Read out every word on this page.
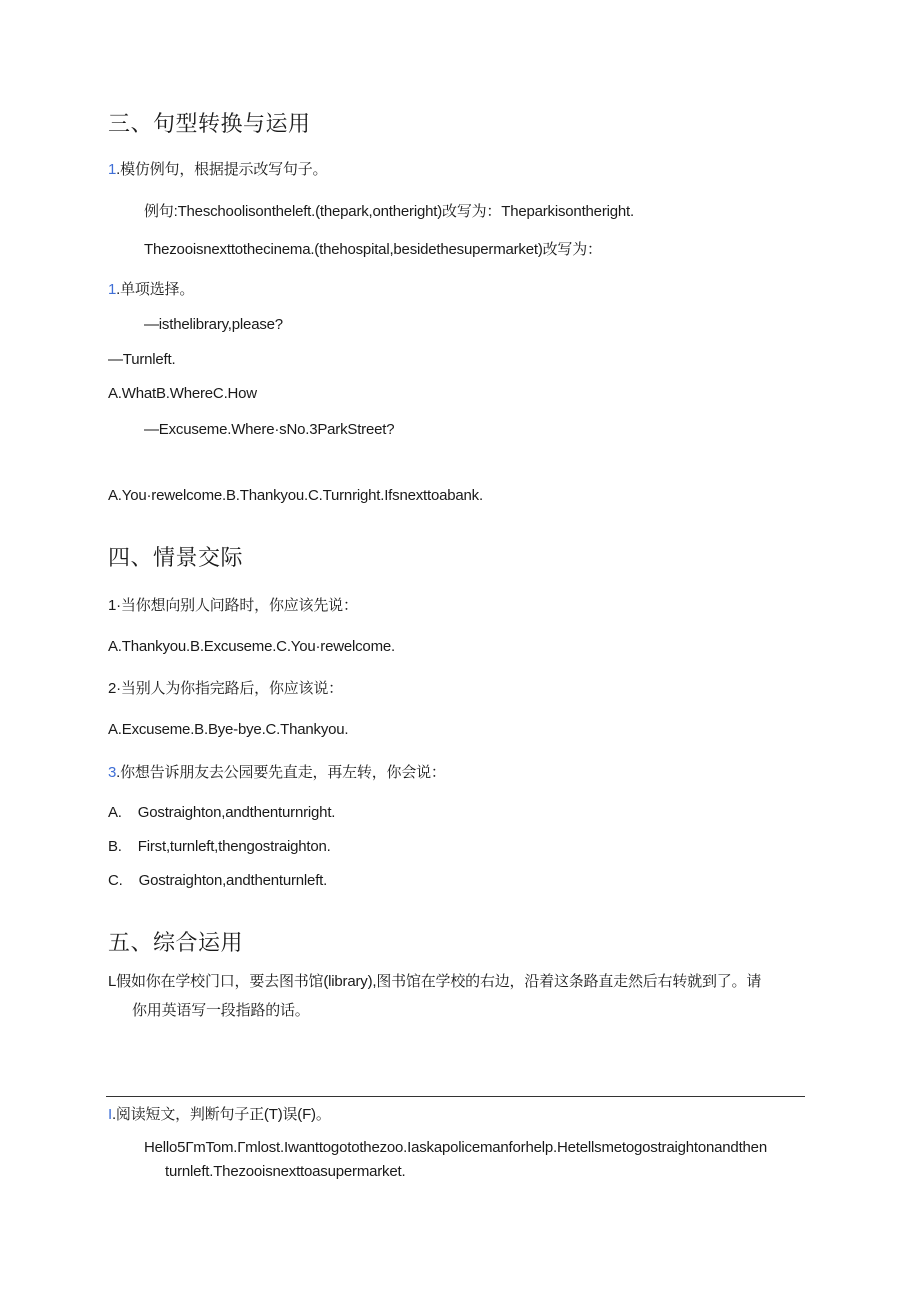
三、句型转换与运用
1.模仿例句，根据提示改写句子。
例句:Theschoolisontheleft.(thepark,ontheright)改写为：Theparkisontheright.
Thezooisnexttothecinema.(thehospital,besidethesupermarket)改写为：
1.单项选择。
—isthelibrary,please?
—Turnleft.
A.WhatB.WhereC.How
—Excuseme.Where·sNo.3ParkStreet?
A.You·rewelcome.B.Thankyou.C.Turnright.Ifsnexttoabank.
四、情景交际
1·当你想向别人问路时，你应该先说：
A.Thankyou.B.Excuseme.C.You·rewelcome.
2·当别人为你指完路后，你应该说：
A.Excuseme.B.Bye-bye.C.Thankyou.
3.你想告诉朋友去公园要先直走，再左转，你会说：
A. Gostraighton,andthenturnright.
B. First,turnleft,thengostraighton.
C. Gostraighton,andthenturnleft.
五、综合运用
L假如你在学校门口，要去图书馆(library),图书馆在学校的右边，沿着这条路直走然后右转就到了。请
你用英语写一段指路的话。
I.阅读短文，判断句子正(T)误(F)。
Hello5ГmTom.Гmlost.Iwanttogotothezoo.Iaskapolicemanforhelp.Hetellsmetogostraightonandthen
turnleft.Thezooisnexttoasupermarket.
